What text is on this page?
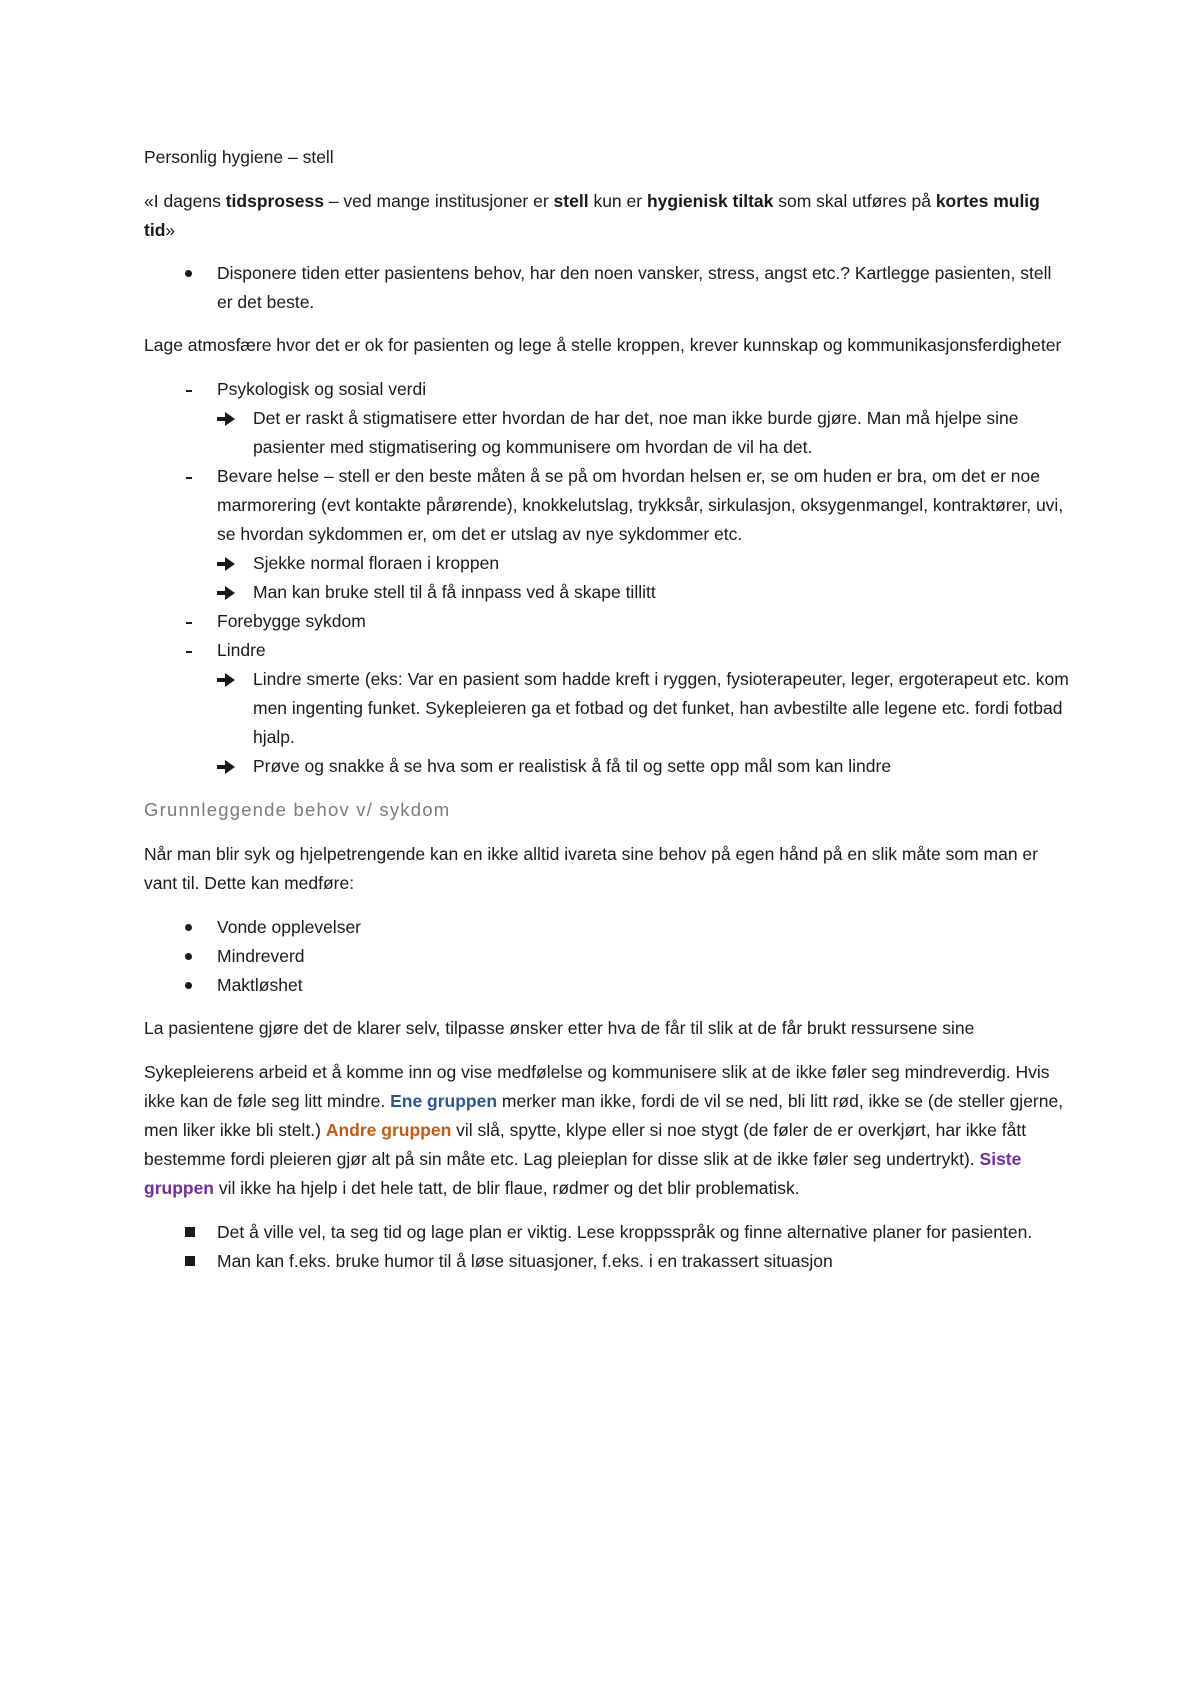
Personlig hygiene – stell

«I dagens tidsprosess – ved mange institusjoner er stell kun er hygienisk tiltak som skal utføres på kortes mulig tid»

Disponere tiden etter pasientens behov, har den noen vansker, stress, angst etc.? Kartlegge pasienten, stell er det beste.

Lage atmosfære hvor det er ok for pasienten og lege å stelle kroppen, krever kunnskap og kommunikasjonsferdigheter

Psykologisk og sosial verdi
Det er raskt å stigmatisere etter hvordan de har det, noe man ikke burde gjøre. Man må hjelpe sine pasienter med stigmatisering og kommunisere om hvordan de vil ha det.
Bevare helse – stell er den beste måten å se på om hvordan helsen er, se om huden er bra, om det er noe marmorering (evt kontakte pårørende), knokkelutslag, trykksår, sirkulasjon, oksygenmangel, kontraktører, uvi, se hvordan sykdommen er, om det er utslag av nye sykdommer etc.
Sjekke normal floraen i kroppen
Man kan bruke stell til å få innpass ved å skape tillitt
Forebygge sykdom
Lindre
Lindre smerte (eks: Var en pasient som hadde kreft i ryggen, fysioterapeuter, leger, ergoterapeut etc. kom men ingenting funket. Sykepleieren ga et fotbad og det funket, han avbestilte alle legene etc. fordi fotbad hjalp.
Prøve og snakke å se hva som er realistisk å få til og sette opp mål som kan lindre

Grunnleggende behov v/ sykdom

Når man blir syk og hjelpetrengende kan en ikke alltid ivareta sine behov på egen hånd på en slik måte som man er vant til. Dette kan medføre:

Vonde opplevelser
Mindreverd
Maktløshet

La pasientene gjøre det de klarer selv, tilpasse ønsker etter hva de får til slik at de får brukt ressursene sine

Sykepleierens arbeid et å komme inn og vise medfølelse og kommunisere slik at de ikke føler seg mindreverdig. Hvis ikke kan de føle seg litt mindre. Ene gruppen merker man ikke, fordi de vil se ned, bli litt rød, ikke se (de steller gjerne, men liker ikke bli stelt.) Andre gruppen vil slå, spytte, klype eller si noe stygt (de føler de er overkjørt, har ikke fått bestemme fordi pleieren gjør alt på sin måte etc. Lag pleieplan for disse slik at de ikke føler seg undertrykt). Siste gruppen vil ikke ha hjelp i det hele tatt, de blir flaue, rødmer og det blir problematisk.

Det å ville vel, ta seg tid og lage plan er viktig. Lese kroppsspråk og finne alternative planer for pasienten.
Man kan f.eks. bruke humor til å løse situasjoner, f.eks. i en trakassert situasjon
